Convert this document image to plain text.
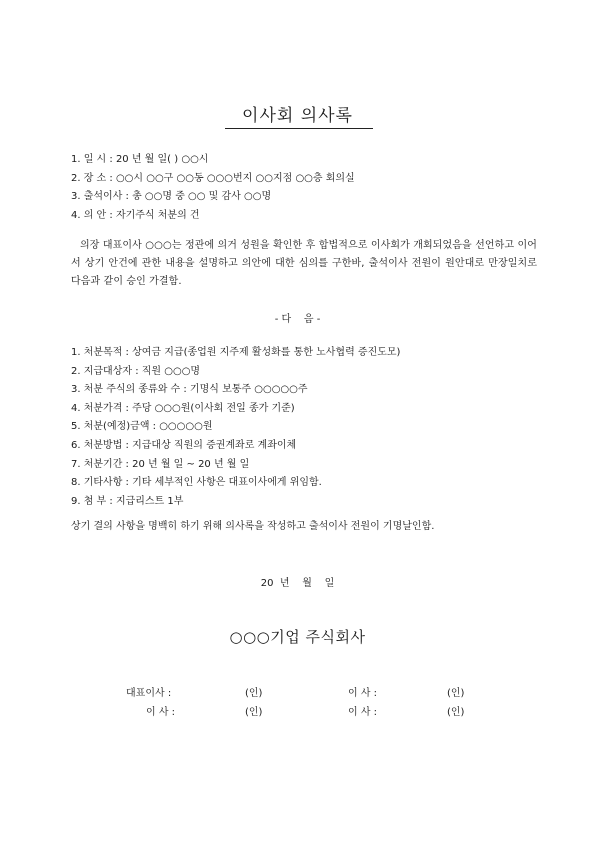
이사회 의사록
1. 일 시 : 20 년 월 일( ) ○○시
2. 장 소 : ○○시 ○○구 ○○동 ○○○번지 ○○지점 ○○층 회의실
3. 출석이사 : 총 ○○명 중 ○○ 및 감사 ○○명
4. 의 안 : 자기주식 처분의 건
의장 대표이사 ○○○는 정관에 의거 성원을 확인한 후 합법적으로 이사회가 개회되었음을 선언하고 이어서 상기 안건에 관한 내용을 설명하고 의안에 대한 심의를 구한바, 출석이사 전원이 원안대로 만장일치로 다음과 같이 승인 가결함.
- 다    음 -
1. 처분목적 : 상여금 지급(종업원 지주제 활성화를 통한 노사협력 증진도모)
2. 지급대상자 : 직원 ○○○명
3. 처분 주식의 종류와 수 : 기명식 보통주 ○○○○○주
4. 처분가격 : 주당 ○○○원(이사회 전일 종가 기준)
5. 처분(예정)금액 : ○○○○○원
6. 처분방법 : 지급대상 직원의 증권계좌로 계좌이체
7. 처분기간 : 20 년 월 일 ~ 20 년 월 일
8. 기타사항 : 기타 세부적인 사항은 대표이사에게 위임함.
9. 첨 부 : 지급리스트 1부
상기 결의 사항을 명백히 하기 위해 의사록을 작성하고 출석이사 전원이 기명날인함.
20  년    월    일
○○○기업 주식회사
대표이사 :	(인)	이 사 :	(인)
이 사 :	(인)	이 사 :	(인)
